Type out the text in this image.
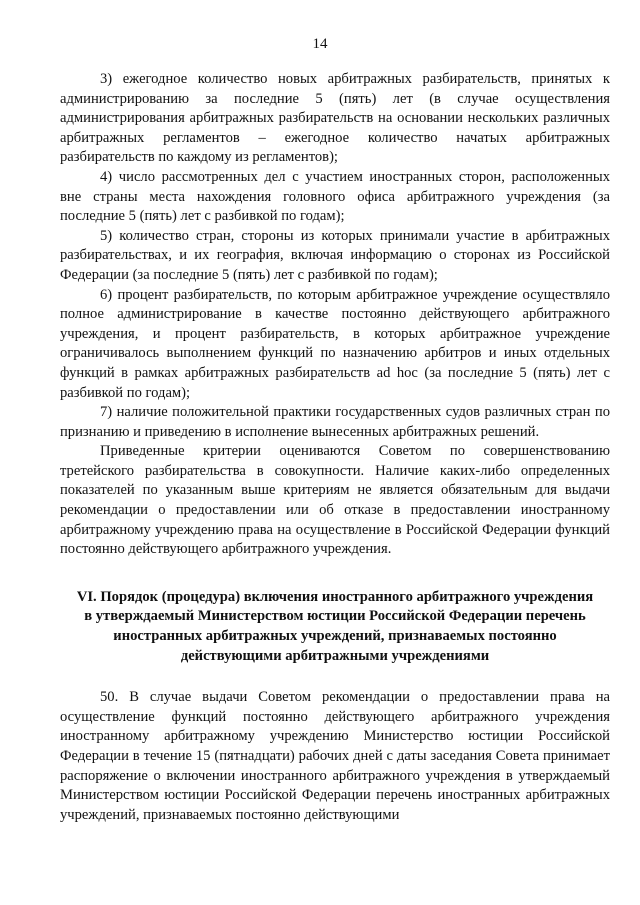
14

3) ежегодное количество новых арбитражных разбирательств, принятых к администрированию за последние 5 (пять) лет (в случае осуществления администрирования арбитражных разбирательств на основании нескольких различных арбитражных регламентов – ежегодное количество начатых арбитражных разбирательств по каждому из регламентов);

4) число рассмотренных дел с участием иностранных сторон, расположенных вне страны места нахождения головного офиса арбитражного учреждения (за последние 5 (пять) лет с разбивкой по годам);

5) количество стран, стороны из которых принимали участие в арбитражных разбирательствах, и их география, включая информацию о сторонах из Российской Федерации (за последние 5 (пять) лет с разбивкой по годам);

6) процент разбирательств, по которым арбитражное учреждение осуществляло полное администрирование в качестве постоянно действующего арбитражного учреждения, и процент разбирательств, в которых арбитражное учреждение ограничивалось выполнением функций по назначению арбитров и иных отдельных функций в рамках арбитражных разбирательств ad hoc (за последние 5 (пять) лет с разбивкой по годам);

7) наличие положительной практики государственных судов различных стран по признанию и приведению в исполнение вынесенных арбитражных решений.

Приведенные критерии оцениваются Советом по совершенствованию третейского разбирательства в совокупности. Наличие каких-либо определенных показателей по указанным выше критериям не является обязательным для выдачи рекомендации о предоставлении или об отказе в предоставлении иностранному арбитражному учреждению права на осуществление в Российской Федерации функций постоянно действующего арбитражного учреждения.

VI. Порядок (процедура) включения иностранного арбитражного учреждения

в утверждаемый Министерством юстиции Российской Федерации перечень

иностранных арбитражных учреждений, признаваемых постоянно

действующими арбитражными учреждениями

50. В случае выдачи Советом рекомендации о предоставлении права на осуществление функций постоянно действующего арбитражного учреждения иностранному арбитражному учреждению Министерство юстиции Российской Федерации в течение 15 (пятнадцати) рабочих дней с даты заседания Совета принимает распоряжение о включении иностранного арбитражного учреждения в утверждаемый Министерством юстиции Российской Федерации перечень иностранных арбитражных учреждений, признаваемых постоянно действующими
